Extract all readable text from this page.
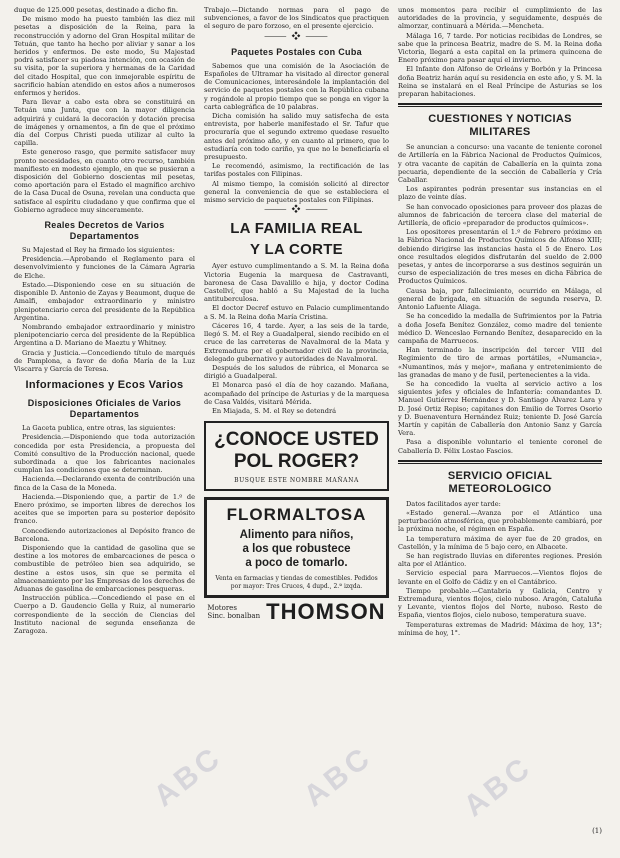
duque de 125.000 pesetas, destinado a dicho fin.

De mismo modo ha puesto también las diez mil pesetas a disposición de la Reina, para la reconstrucción y adorno del Gran Hospital militar de Tetuán, que tanto ha hecho por aliviar y sanar a los heridos y enfermos. De este modo, Su Majestad podrá satisfacer su piadosa intención, con ocasión de su visita, por la superiora y hermanas de la Caridad del citado Hospital, que con inmejorable espíritu de sacrificio habían atendido en estos años a numerosos enfermos y heridos.

Para llevar a cabo esta obra se constituirá en Tetuán una Junta, que con la mayor diligencia adquirirá y cuidará la decoración y dotación precisa de imágenes y ornamentos, a fin de que el próximo día del Corpus Christi pueda utilizar al culto la capilla.

Este generoso rasgo, que permite satisfacer muy pronto necesidades, en cuanto otro recurso, también manifiesto en modesto ejemplo, en que se pusieran a disposición del Gobierno doscientas mil pesetas, como aportación para el Estado el magnífico archivo de la Casa Ducal de Osuna, revelan una conducta que satisface al espíritu ciudadano y que confirma que el Gobierno agradece muy sinceramente.

Reales Decretos de Varios Departamentos

Su Majestad el Rey ha firmado los siguientes:

Presidencia.—Aprobando el Reglamento para el desenvolvimiento y funciones de la Cámara Agraria de Elche.

Estado.—Disponiendo cese en su situación de disponible D. Antonio de Zayas y Beaumont, duque de Amalfi, embajador extraordinario y ministro plenipotenciario cerca del presidente de la República Argentina.

Nombrando embajador extraordinario y ministro plenipotenciario cerca del presidente de la República Argentina a D. Mariano de Maeztu y Whitney.

Gracia y Justicia.—Concediendo título de marqués de Pamplona, a favor de doña María de la Luz Viscarra y García de Teresa.

Informaciones y Ecos Varios
Disposiciones Oficiales de Varios Departamentos

La Gaceta publica, entre otras, las siguientes:

Presidencia.—Disponiendo que toda autorización concedida por esta Presidencia, a propuesta del Comité consultivo de la Producción nacional, quede subordinada a que los fabricantes nacionales cumplan las condiciones que se determinan.

Hacienda.—Declarando exenta de contribución una finca de la Casa de la Moneda.

Hacienda.—Disponiendo que, a partir de 1.º de Enero próximo, se importen libres de derechos los aceites que se importen para su posterior depósito franco.

Concediendo autorizaciones al Depósito franco de Barcelona.

Disponiendo que la cantidad de gasolina que se destine a los motores de embarcaciones de pesca o combustible de petróleo bien sea adquirido, se destine a estos usos, sin que se permita el almacenamiento por las Empresas de los derechos de Aduanas de gasolina de embarcaciones pesqueras.

Instrucción pública.—Concediendo el pase en el Cuerpo a D. Gaudencio Gella y Ruiz, al numerario correspondiente de la sección de Ciencias del Instituto nacional de segunda enseñanza de Zaragoza.

Trabajo.—Dictando normas para el pago de subvenciones, a favor de los Sindicatos que practiquen el seguro de paro forzoso, en el presente ejercicio.

⸻ ❖ ⸻
Paquetes Postales con Cuba

Sabemos que una comisión de la Asociación de Españoles de Ultramar ha visitado al director general de Comunicaciones, interesándole la implantación del servicio de paquetes postales con la República cubana y rogándole al propio tiempo que se ponga en vigor la carta cablegráfica de 10 palabras.

Dicha comisión ha salido muy satisfecha de esta entrevista, por haberle manifestado el Sr. Tafur que procuraría que el segundo extremo quedase resuelto antes del próximo año, y en cuanto al primero, que lo estudiaría con todo cariño, ya que no le beneficiaría el presupuesto.

Le recomendó, asimismo, la rectificación de las tarifas postales con Filipinas.

Al mismo tiempo, la comisión solicitó al director general la conveniencia de que se estableciera el mismo servicio de paquetes postales con Filipinas.

⸻ ❖ ⸻
LA FAMILIA REAL
Y LA CORTE

Ayer estuvo cumplimentando a S. M. la Reina doña Victoria Eugenia la marquesa de Castravanti, baronesa de Casa Davalillo e hija, y doctor Codina Castellví, que habló a Su Majestad de la lucha antituberculosa.

El doctor Decref estuvo en Palacio cumplimentando a S. M. la Reina doña María Cristina.

Cáceres 16, 4 tarde. Ayer, a las seis de la tarde, llegó S. M. el Rey a Guadalperal, siendo recibido en el cruce de las carreteras de Navalmoral de la Mata y Extremadura por el gobernador civil de la provincia, delegado gubernativo y autoridades de Navalmoral.

Después de los saludos de rúbrica, el Monarca se dirigió a Guadalperal.

El Monarca pasó el día de hoy cazando. Mañana, acompañado del príncipe de Asturias y de la marquesa de Casa Valdés, visitará Mérida.

En Miajada, S. M. el Rey se detendrá

¿CONOCE USTED
POL ROGER?
BUSQUE ESTE NOMBRE MAÑANA
FLORMALTOSA
Alimento para niños,
a los que robustece
a poco de tomarlo.
Venta en farmacias y tiendas de comestibles. Pedidos por mayor: Tres Cruces, 4 dupd., 2.ª izqda.
Motores
Sinc. bonalban THOMSON

unos momentos para recibir el cumplimiento de las autoridades de la provincia, y seguidamente, después de almorzar, continuará a Mérida.—Mencheta.

Málaga 16, 7 tarde. Por noticias recibidas de Londres, se sabe que la princesa Beatriz, madre de S. M. la Reina doña Victoria, llegará a esta capital en la primera quincena de Enero próximo para pasar aquí el invierno.

El Infante don Alfonso de Orleáns y Borbón y la Princesa doña Beatriz harán aquí su residencia en este año, y S. M. la Reina se instalará en el Real Príncipe de Asturias se los preparan habitaciones.

CUESTIONES Y NOTICIAS MILITARES

Se anuncian a concurso: una vacante de teniente coronel de Artillería en la Fábrica Nacional de Productos Químicos, y otra vacante de capitán de Caballería en la quinta zona pecuaria, dependiente de la sección de Caballería y Cría Caballar.

Los aspirantes podrán presentar sus instancias en el plazo de veinte días.

Se han convocado oposiciones para proveer dos plazas de alumnos de fabricación de tercera clase del material de Artillería, de oficio «preparador de productos químicos».

Los opositores presentarán el 1.º de Febrero próximo en la Fábrica Nacional de Productos Químicos de Alfonso XIII; debiendo dirigirse las instancias hasta el 5 de Enero. Los once resultados elegidos disfrutarán del sueldo de 2.000 pesetas, y antes de incorporarse a sus destinos seguirán un curso de especialización de tres meses en dicha Fábrica de Productos Químicos.

Causa baja, por fallecimiento, ocurrido en Málaga, el general de brigada, en situación de segunda reserva, D. Antonio Lafuente Aliaga.

Se ha concedido la medalla de Sufrimientos por la Patria a doña Josefa Benítez González, como madre del teniente médico D. Wenceslao Fernando Benítez, desaparecido en la campaña de Marruecos.

Han terminado la inscripción del tercer VIII del Regimiento de tiro de armas portátiles, «Numancia», «Numantinos, más y mejor», mañana y entretenimiento de las granadas de mano y de fusil, pertenecientes a la vida.

Se ha concedido la vuelta al servicio activo a los siguientes jefes y oficiales de Infantería: comandantes D. Manuel Gutiérrez Hernández y D. Santiago Álvarez Lara y D. José Ortiz Repiso; capitanes don Emilio de Torres Osorio y D. Buenaventura Hernández Ruiz; teniente D. José García Martín y capitán de Caballería don Antonio Sanz y García Vera.

Pasa a disponible voluntario el teniente coronel de Caballería D. Félix Lostao Fascios.

SERVICIO OFICIAL METEOROLOGICO

Datos facilitados ayer tarde:

«Estado general.—Avanza por el Atlántico una perturbación atmosférica, que probablemente cambiará, por la próxima noche, el régimen en España.

La temperatura máxima de ayer fue de 20 grados, en Castellón, y la mínima de 5 bajo cero, en Albacete.

Se han registrado lluvias en diferentes regiones. Presión alta por el Atlántico.

Servicio especial para Marruecos.—Vientos flojos de levante en el Golfo de Cádiz y en el Cantábrico.

Tiempo probable.—Cantabria y Galicia, Centro y Extremadura, vientos flojos, cielo nuboso. Aragón, Cataluña y Levante, vientos flojos del Norte, nuboso. Resto de España, vientos flojos, cielo nuboso, temperatura suave.

Temperaturas extremas de Madrid: Máxima de hoy, 13°; mínima de hoy, 1°.

(1)
ABC ABC	ABC
